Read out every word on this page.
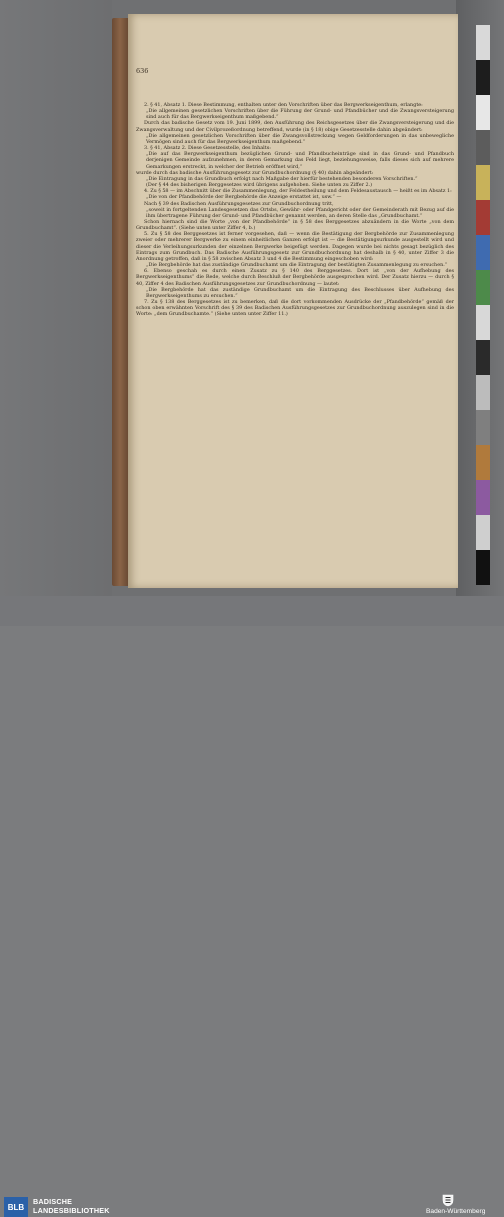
636

2. § 41, Absatz 1. Diese Bestimmung, enthalten unter den Vorschriften über das Bergwerkseigenthum, erlangte:

„Die allgemeinen gesetzlichen Vorschriften über die Führung der Grund- und Pfandbücher und die Zwangsversteigerung sind auch für das Bergwerkseigenthum maßgebend.“

Durch das badische Gesetz vom 19. Juni 1899, den Ausführung des Reichsgesetzes über die Zwangsversteigerung und die Zwangsverwaltung und der Civilprozeßordnung betreffend, wurde (in § 18) obige Gesetzesstelle dahin abgeändert:

„Die allgemeinen gesetzlichen Vorschriften über die Zwangsvollstreckung wegen Geldforderungen in das unbewegliche Vermögen sind auch für das Bergwerkseigenthum maßgebend.“

3. § 41, Absatz 2. Diese Gesetzesstelle, des Inhalts:

„Die auf das Bergwerkseigenthum bezüglichen Grund- und Pfandbucheinträge sind in das Grund- und Pfandbuch derjenigen Gemeinde aufzunehmen, in deren Gemarkung das Feld liegt, beziehungsweise, falls dieses sich auf mehrere Gemarkungen erstreckt, in welcher der Betrieb eröffnet wird,“

wurde durch das badische Ausführungsgesetz zur Grundbuchordnung (§ 40) dahin abgeändert:

„Die Eintragung in das Grundbuch erfolgt nach Maßgabe der hierfür bestehenden besonderen Vorschriften.“

(Der § 44 des bisherigen Berggesetzes wird übrigens aufgehoben. Siehe unten zu Ziffer 2.)

4. Zu § 58 — im Abschnitt über die Zusammenlegung, der Feldestheilung und dem Feldesaustausch — heißt es im Absatz 1:

„Die von der Pfandbehörde der Bergbehörde die Anzeige erstattet ist, usw.“ —

Nach § 39 des Badischen Ausführungsgesetzes zur Grundbuchordnung tritt,

„soweit in fortgeltenden Landesgesetzen das Ortsbs, Gewähr- oder Pfandgericht oder der Gemeinderath mit Bezug auf die ihm übertragene Führung der Grund- und Pfandbücher genannt werden, an deren Stelle das „Grundbuchamt.“

Schon hiernach sind die Worte „von der Pfandbehörde“ in § 58 des Berggesetzes abzuändern in die Worte „von dem Grundbuchamt“. (Siehe unten unter Ziffer 4, b.)

5. Zu § 58 des Berggesetzes ist ferner vorgesehen, daß — wenn die Bestätigung der Bergbehörde zur Zusammenlegung zweier oder mehrerer Bergwerke zu einem einheitlichen Ganzen erfolgt ist — die Bestätigungsurkunde ausgestellt wird und dieser die Verleihungsurkunden der einzelnen Bergwerke beigefügt werden. Dagegen wurde bei nichts gesagt bezüglich des Eintrags zum Grundbuch. Das Badische Ausführungsgesetz zur Grundbuchordnung hat deshalb in § 40, unter Ziffer 3 die Anordnung getroffen, daß in § 58 zwischen Absatz 3 und 4 die Bestimmung eingeschoben wird:

„Die Bergbehörde hat das zuständige Grundbuchamt um die Eintragung der bestätigten Zusammenlegung zu ersuchen.“

6. Ebenso geschah es durch einen Zusatz zu § 140 des Berggesetzes. Dort ist „von der Aufhebung des Bergwerkseigenthums“ die Rede, welche durch Beschluß der Bergbehörde ausgesprochen wird. Der Zusatz hierzu — durch § 40, Ziffer 4 des Badischen Ausführungsgesetzes zur Grundbuchordnung — lautet:

„Die Bergbehörde hat das zuständige Grundbuchamt um die Eintragung des Beschlusses über Aufhebung des Bergwerkseigenthums zu ersuchen.“

7. Zu § 138 des Berggesetzes ist zu bemerken, daß die dort vorkommenden Ausdrücke der „Pfandbehörde“ gemäß der schon oben erwähnten Vorschrift des § 39 des Badischen Ausführungsgesetzes zur Grundbuchordnung auszulegen sind in die Worte: „dem Grundbuchamte.“ (Siehe unten unter Ziffer 11.)

BLB
BADISCHE
LANDESBIBLIOTHEK	Baden-Württemberg
